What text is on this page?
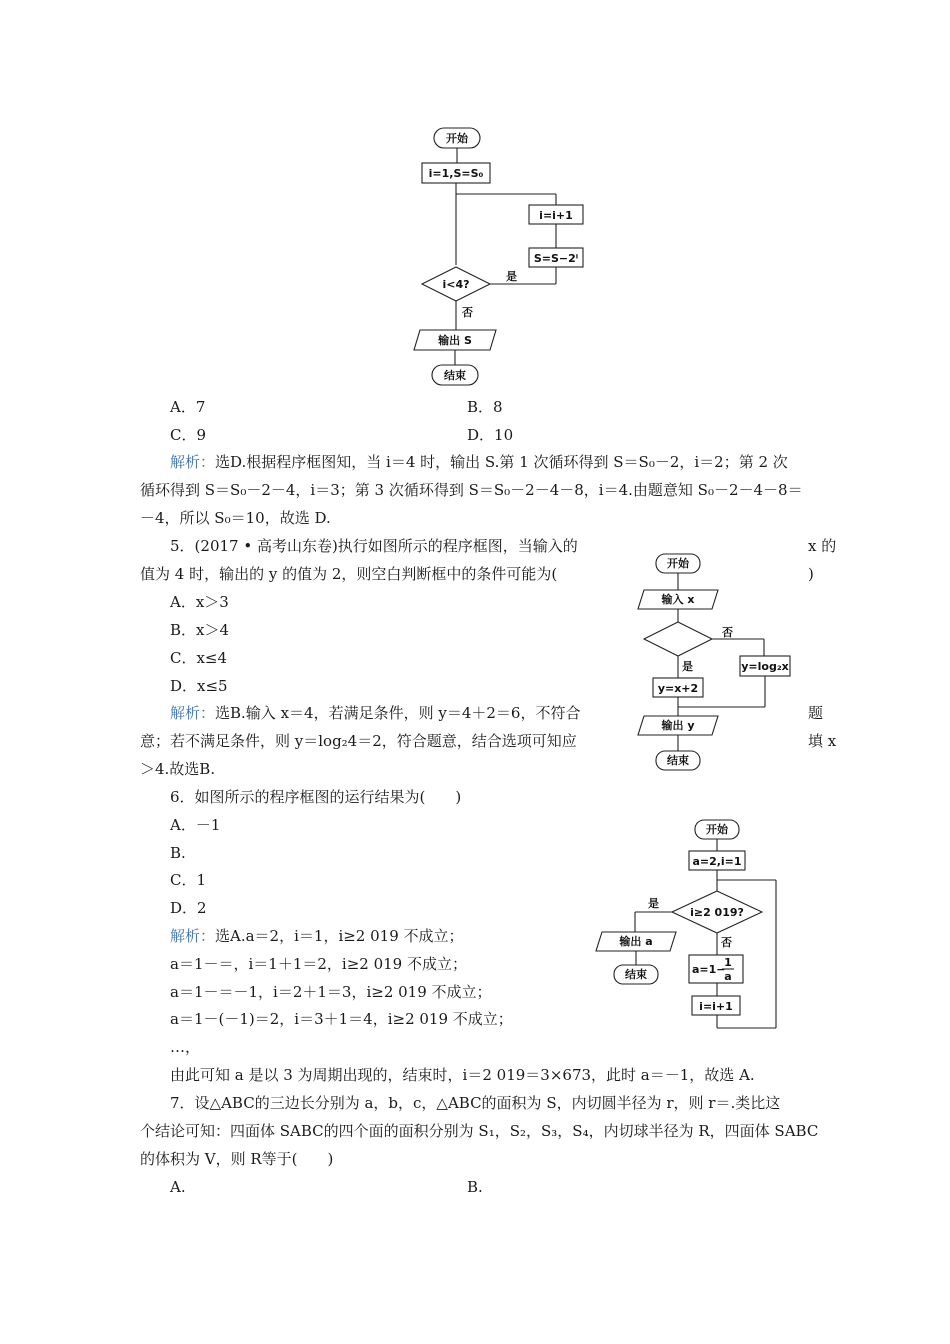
开始
i=1,S=S₀
i=i+1
S=S−2ⁱ
i<4?
是
否
输出 S
结束
开始
输入 x
否
y=log₂x
是
y=x+2
输出 y
结束
开始
a=2,i=1
i≥2 019?
是
输出 a
结束
否
a=1−
1
a
i=i+1
A．7	B．8
C．9	D．10
解析：选D.根据程序框图知，当 i＝4 时，输出 S.第 1 次循环得到 S＝S₀－2，i＝2；第 2 次
循环得到 S＝S₀－2－4，i＝3；第 3 次循环得到 S＝S₀－2－4－8，i＝4.由题意知 S₀－2－4－8＝
－4，所以 S₀＝10，故选 D.
5．(2017 • 高考山东卷)执行如图所示的程序框图，当输入的	x 的
值为 4 时，输出的 y 的值为 2，则空白判断框中的条件可能为(	)
A．x＞3
B．x＞4
C．x≤4
D．x≤5
解析：选B.输入 x＝4，若满足条件，则 y＝4＋2＝6，不符合	题
意；若不满足条件，则 y＝log₂4＝2，符合题意，结合选项可知应	填 x
＞4.故选B.
6．如图所示的程序框图的运行结果为(　　)
A．－1
B.
C．1
D．2
解析：选A.a＝2，i＝1，i≥2 019 不成立；
a＝1－＝，i＝1＋1＝2，i≥2 019 不成立；
a＝1－＝－1，i＝2＋1＝3，i≥2 019 不成立；
a＝1－(－1)＝2，i＝3＋1＝4，i≥2 019 不成立；
…，
由此可知 a 是以 3 为周期出现的，结束时，i＝2 019＝3×673，此时 a＝－1，故选 A.
7．设△ABC的三边长分别为 a，b，c，△ABC的面积为 S，内切圆半径为 r，则 r＝.类比这
个结论可知：四面体 SABC的四个面的面积分别为 S₁，S₂，S₃，S₄，内切球半径为 R，四面体 SABC
的体积为 V，则 R等于(　　)
A.	B.
